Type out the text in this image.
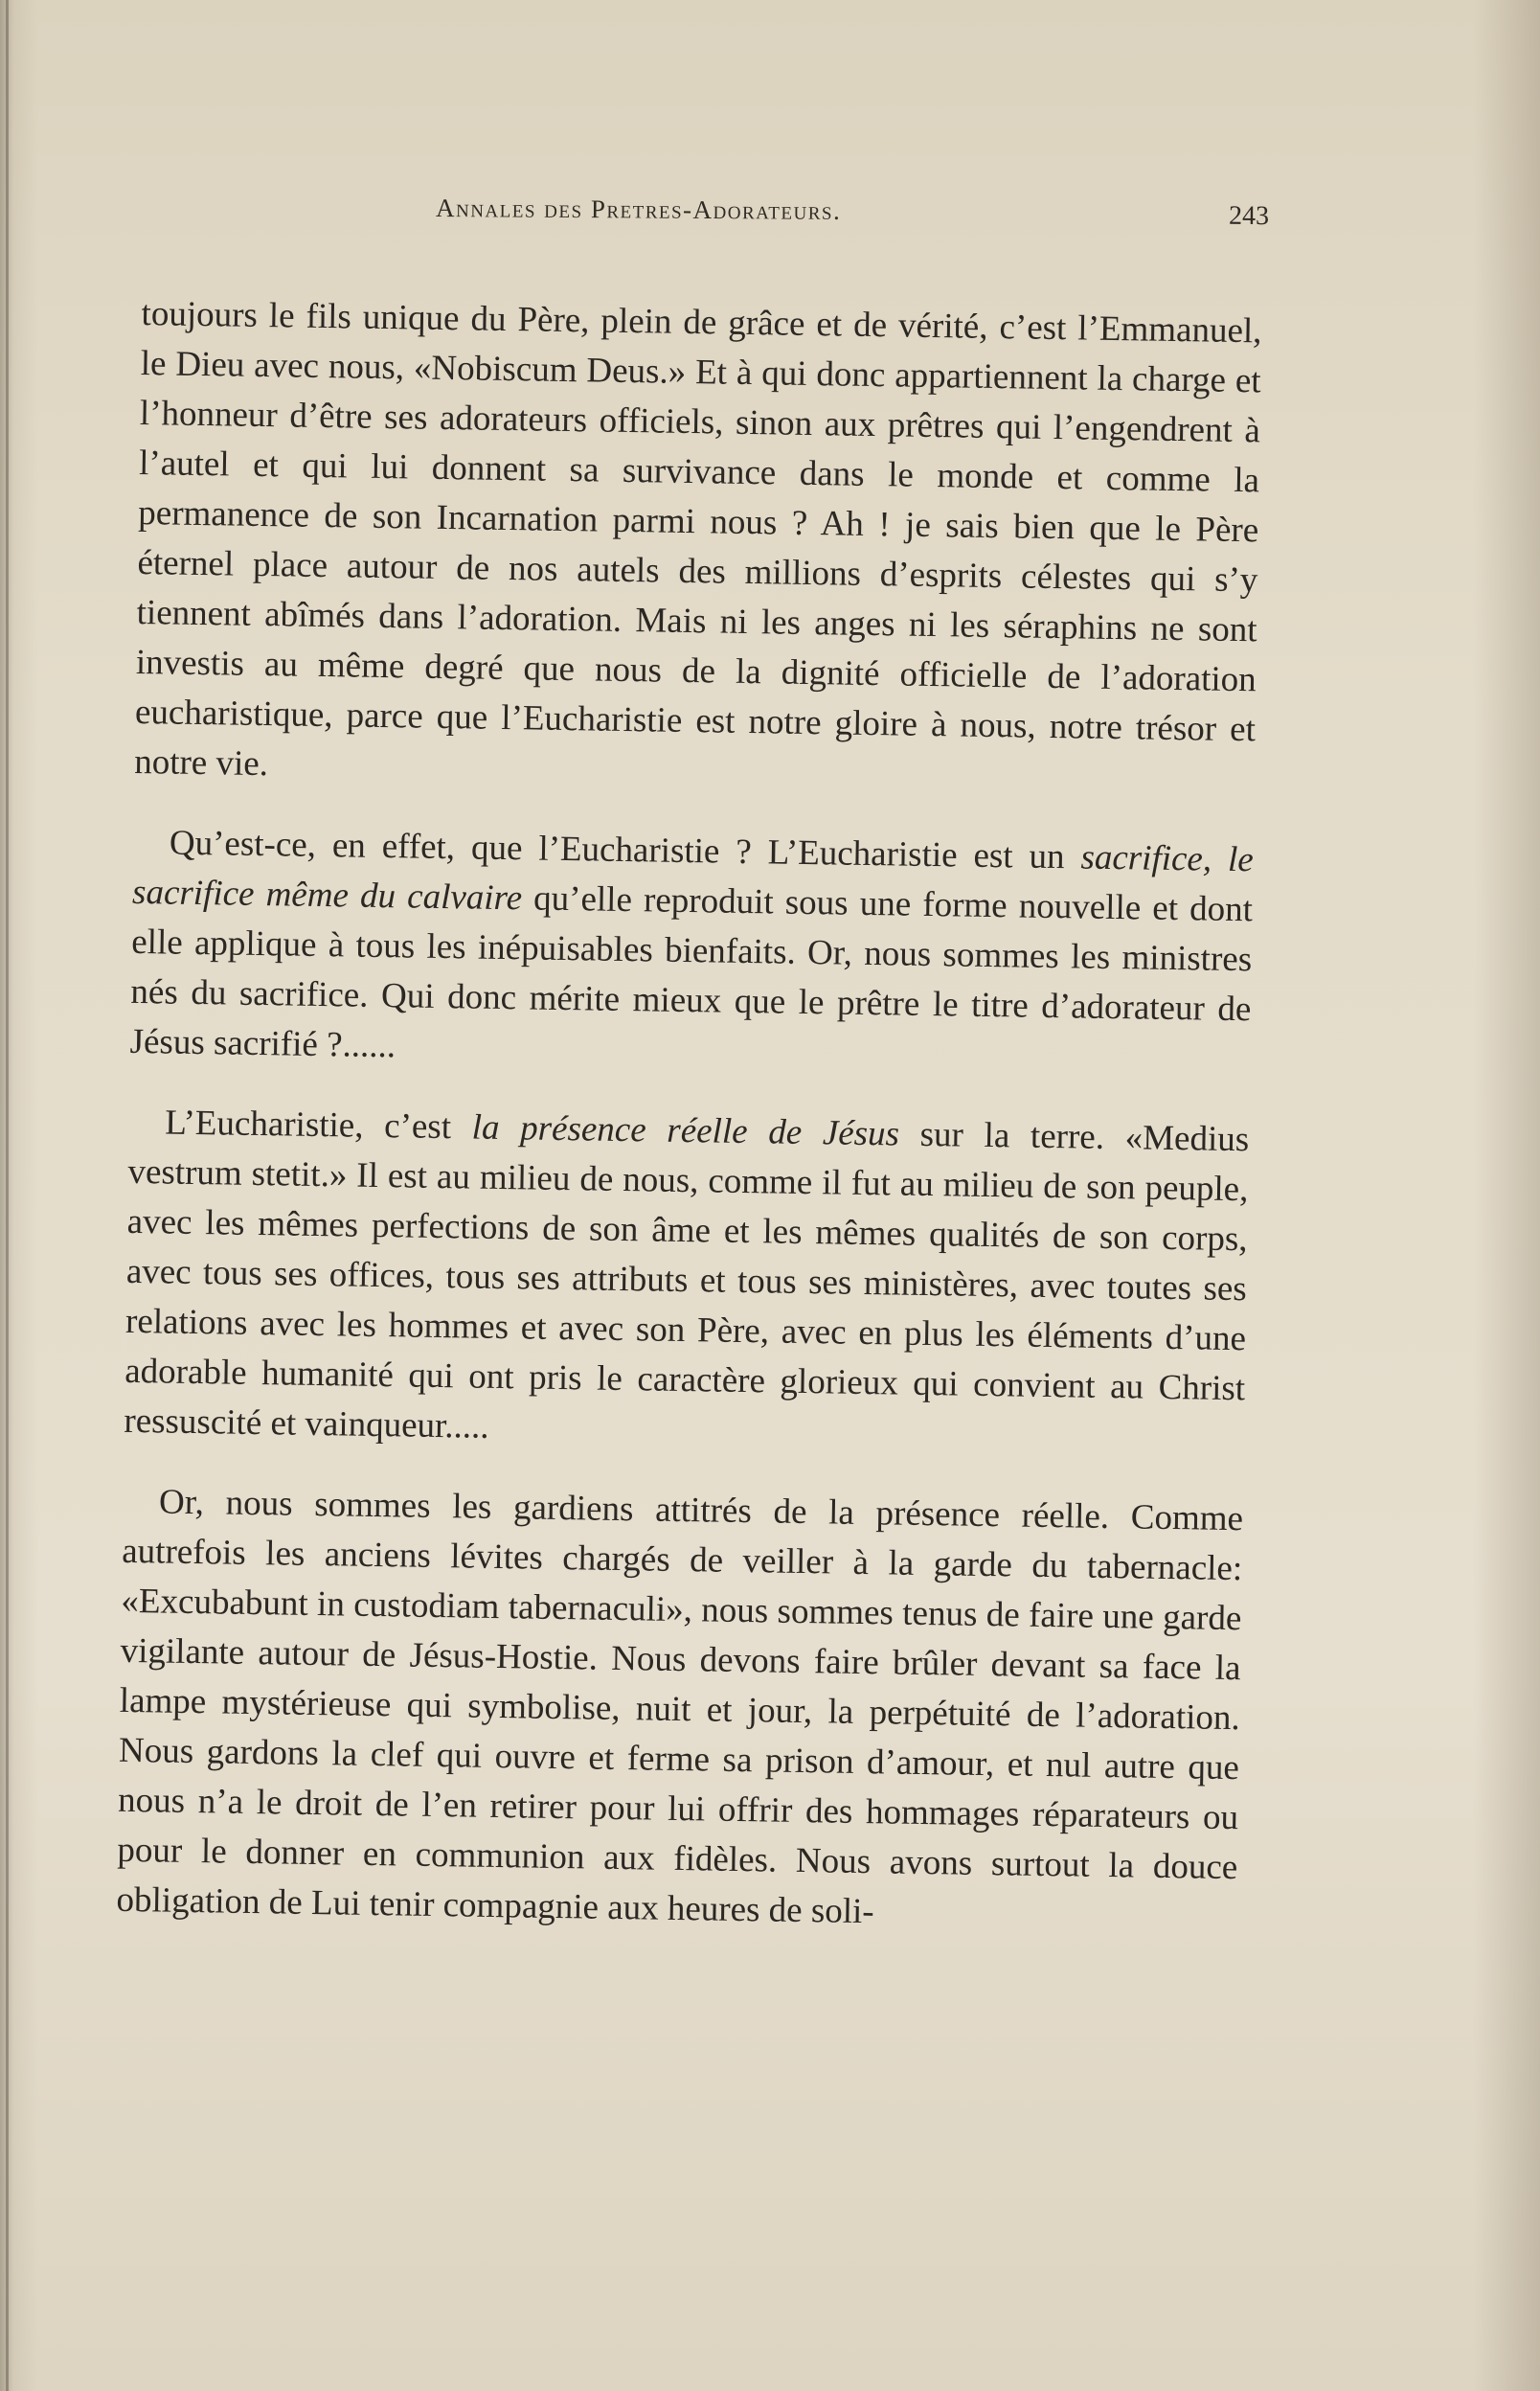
Annales des Pretres-Adorateurs.	243

toujours le fils unique du Père, plein de grâce et de vérité, c’est l’Emmanuel, le Dieu avec nous, «Nobiscum Deus.» Et à qui donc appartiennent la charge et l’honneur d’être ses adorateurs officiels, sinon aux prêtres qui l’engendrent à l’autel et qui lui donnent sa survivance dans le monde et comme la permanence de son Incarnation parmi nous ? Ah ! je sais bien que le Père éternel place autour de nos autels des millions d’esprits célestes qui s’y tiennent abîmés dans l’adoration. Mais ni les anges ni les séraphins ne sont investis au même degré que nous de la dignité officielle de l’adoration eucharistique, parce que l’Eucharistie est notre gloire à nous, notre trésor et notre vie.

Qu’est-ce, en effet, que l’Eucharistie ? L’Eucharistie est un sacrifice, le sacrifice même du calvaire qu’elle reproduit sous une forme nouvelle et dont elle applique à tous les inépuisables bienfaits. Or, nous sommes les ministres nés du sacrifice. Qui donc mérite mieux que le prêtre le titre d’adorateur de Jésus sacrifié ?......

L’Eucharistie, c’est la présence réelle de Jésus sur la terre. «Medius vestrum stetit.» Il est au milieu de nous, comme il fut au milieu de son peuple, avec les mêmes perfections de son âme et les mêmes qualités de son corps, avec tous ses offices, tous ses attributs et tous ses ministères, avec toutes ses relations avec les hommes et avec son Père, avec en plus les éléments d’une adorable humanité qui ont pris le caractère glorieux qui convient au Christ ressuscité et vainqueur.....

Or, nous sommes les gardiens attitrés de la présence réelle. Comme autrefois les anciens lévites chargés de veiller à la garde du tabernacle: «Excubabunt in custodiam tabernaculi», nous sommes tenus de faire une garde vigilante autour de Jésus-Hostie. Nous devons faire brûler devant sa face la lampe mystérieuse qui symbolise, nuit et jour, la perpétuité de l’adoration. Nous gardons la clef qui ouvre et ferme sa prison d’amour, et nul autre que nous n’a le droit de l’en retirer pour lui offrir des hommages réparateurs ou pour le donner en communion aux fidèles. Nous avons surtout la douce obligation de Lui tenir compagnie aux heures de soli-
